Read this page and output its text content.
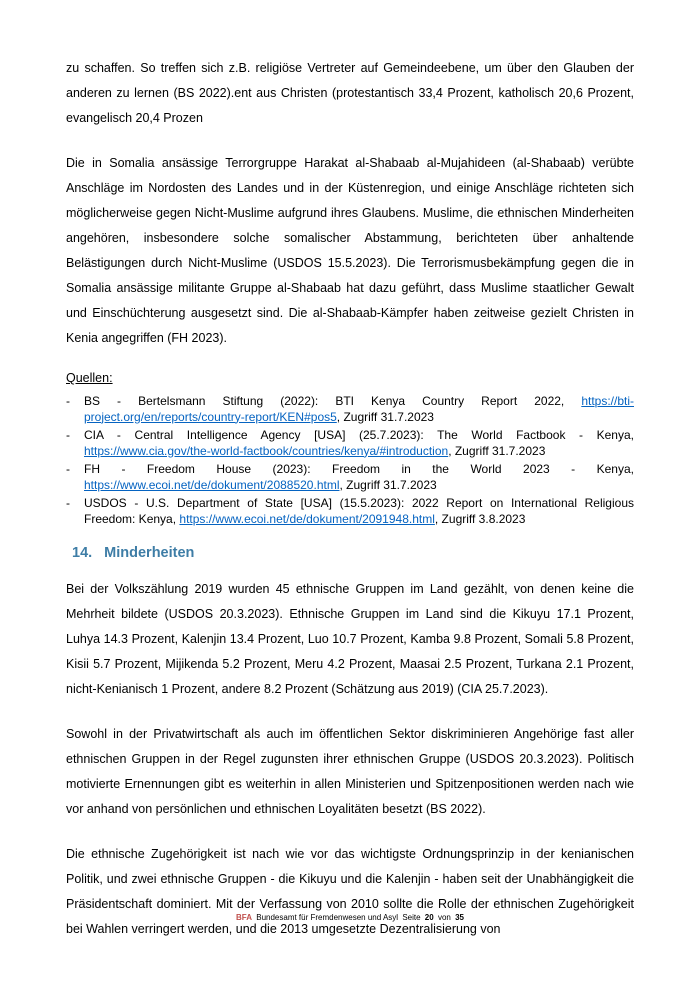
zu schaffen. So treffen sich z.B. religiöse Vertreter auf Gemeindeebene, um über den Glauben der anderen zu lernen (BS 2022).ent aus Christen (protestantisch 33,4 Prozent, katholisch 20,6 Prozent, evangelisch 20,4 Prozen

Die in Somalia ansässige Terrorgruppe Harakat al-Shabaab al-Mujahideen (al-Shabaab) verübte Anschläge im Nordosten des Landes und in der Küstenregion, und einige Anschläge richteten sich möglicherweise gegen Nicht-Muslime aufgrund ihres Glaubens. Muslime, die ethnischen Minderheiten angehören, insbesondere solche somalischer Abstammung, berichteten über anhaltende Belästigungen durch Nicht-Muslime (USDOS 15.5.2023). Die Terrorismusbekämpfung gegen die in Somalia ansässige militante Gruppe al-Shabaab hat dazu geführt, dass Muslime staatlicher Gewalt und Einschüchterung ausgesetzt sind. Die al-Shabaab-Kämpfer haben zeitweise gezielt Christen in Kenia angegriffen (FH 2023).

Quellen:

-	BS - Bertelsmann Stiftung (2022): BTI Kenya Country Report 2022, https://bti-project.org/en/reports/country-report/KEN#pos5, Zugriff 31.7.2023
-	CIA - Central Intelligence Agency [USA] (25.7.2023): The World Factbook - Kenya, https://www.cia.gov/the-world-factbook/countries/kenya/#introduction, Zugriff 31.7.2023
-	FH - Freedom House (2023): Freedom in the World 2023 - Kenya, https://www.ecoi.net/de/dokument/2088520.html, Zugriff 31.7.2023
-	USDOS - U.S. Department of State [USA] (15.5.2023): 2022 Report on International Religious Freedom: Kenya, https://www.ecoi.net/de/dokument/2091948.html, Zugriff 3.8.2023
14. Minderheiten

Bei der Volkszählung 2019 wurden 45 ethnische Gruppen im Land gezählt, von denen keine die Mehrheit bildete (USDOS 20.3.2023). Ethnische Gruppen im Land sind die Kikuyu 17.1 Prozent, Luhya 14.3 Prozent, Kalenjin 13.4 Prozent, Luo 10.7 Prozent, Kamba 9.8 Prozent, Somali 5.8 Prozent, Kisii 5.7 Prozent, Mijikenda 5.2 Prozent, Meru 4.2 Prozent, Maasai 2.5 Prozent, Turkana 2.1 Prozent, nicht-Kenianisch 1 Prozent, andere 8.2 Prozent (Schätzung aus 2019) (CIA 25.7.2023).

Sowohl in der Privatwirtschaft als auch im öffentlichen Sektor diskriminieren Angehörige fast aller ethnischen Gruppen in der Regel zugunsten ihrer ethnischen Gruppe (USDOS 20.3.2023). Politisch motivierte Ernennungen gibt es weiterhin in allen Ministerien und Spitzenpositionen werden nach wie vor anhand von persönlichen und ethnischen Loyalitäten besetzt (BS 2022).

Die ethnische Zugehörigkeit ist nach wie vor das wichtigste Ordnungsprinzip in der kenianischen Politik, und zwei ethnische Gruppen - die Kikuyu und die Kalenjin - haben seit der Unabhängigkeit die Präsidentschaft dominiert. Mit der Verfassung von 2010 sollte die Rolle der ethnischen Zugehörigkeit bei Wahlen verringert werden, und die 2013 umgesetzte Dezentralisierung von

BFA Bundesamt für Fremdenwesen und Asyl Seite 20 von 35
